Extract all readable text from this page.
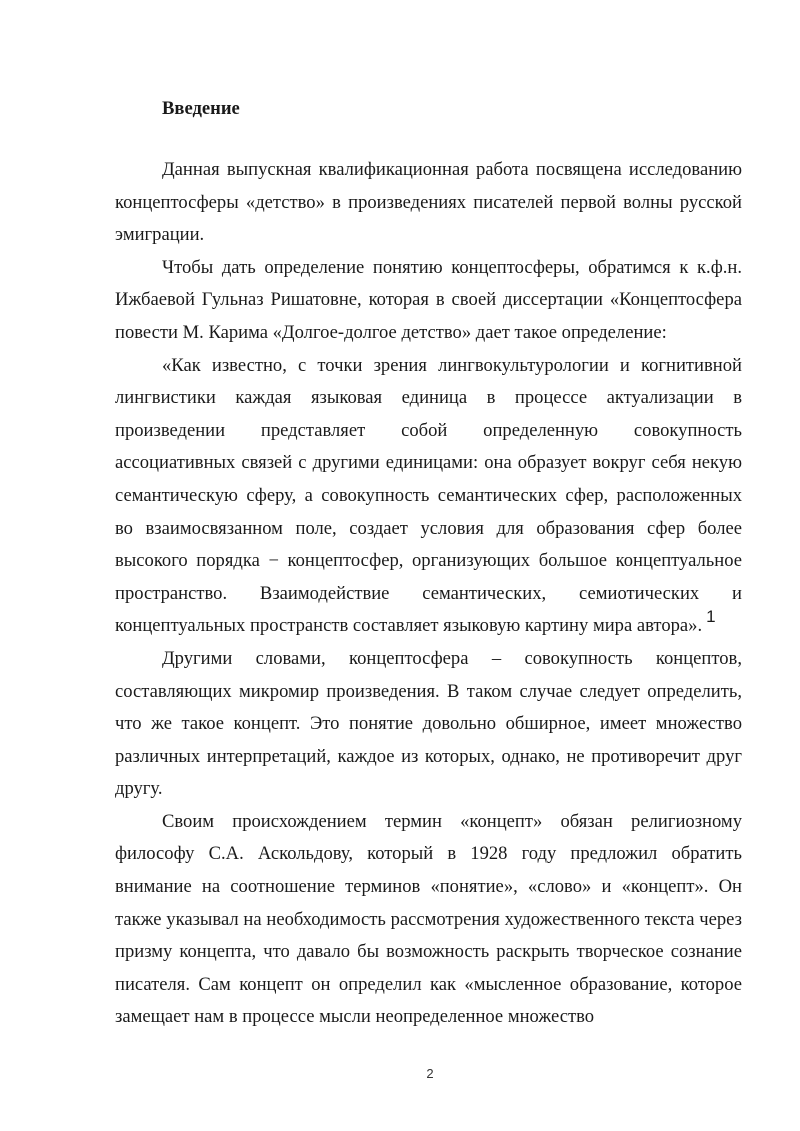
Введение

Данная выпускная квалификационная работа посвящена исследованию концептосферы «детство» в произведениях писателей первой волны русской эмиграции.

Чтобы дать определение понятию концептосферы, обратимся к к.ф.н. Ижбаевой Гульназ Ришатовне, которая в своей диссертации «Концептосфера повести М. Карима «Долгое-долгое детство» дает такое определение:

«Как известно, с точки зрения лингвокультурологии и когнитивной лингвистики каждая языковая единица в процессе актуализации в произведении представляет собой определенную совокупность ассоциативных связей с другими единицами: она образует вокруг себя некую семантическую сферу, а совокупность семантических сфер, расположенных во взаимосвязанном поле, создает условия для образования сфер более высокого порядка − концептосфер, организующих большое концептуальное пространство. Взаимодействие семантических, семиотических и концептуальных пространств составляет языковую картину мира автора». 1

Другими словами, концептосфера – совокупность концептов, составляющих микромир произведения. В таком случае следует определить, что же такое концепт. Это понятие довольно обширное, имеет множество различных интерпретаций, каждое из которых, однако, не противоречит друг другу.

Своим происхождением термин «концепт» обязан религиозному философу С.А. Аскольдову, который в 1928 году предложил обратить внимание на соотношение терминов «понятие», «слово» и «концепт». Он также указывал на необходимость рассмотрения художественного текста через призму концепта, что давало бы возможность раскрыть творческое сознание писателя. Сам концепт он определил как «мысленное образование, которое замещает нам в процессе мысли неопределенное множество

2
